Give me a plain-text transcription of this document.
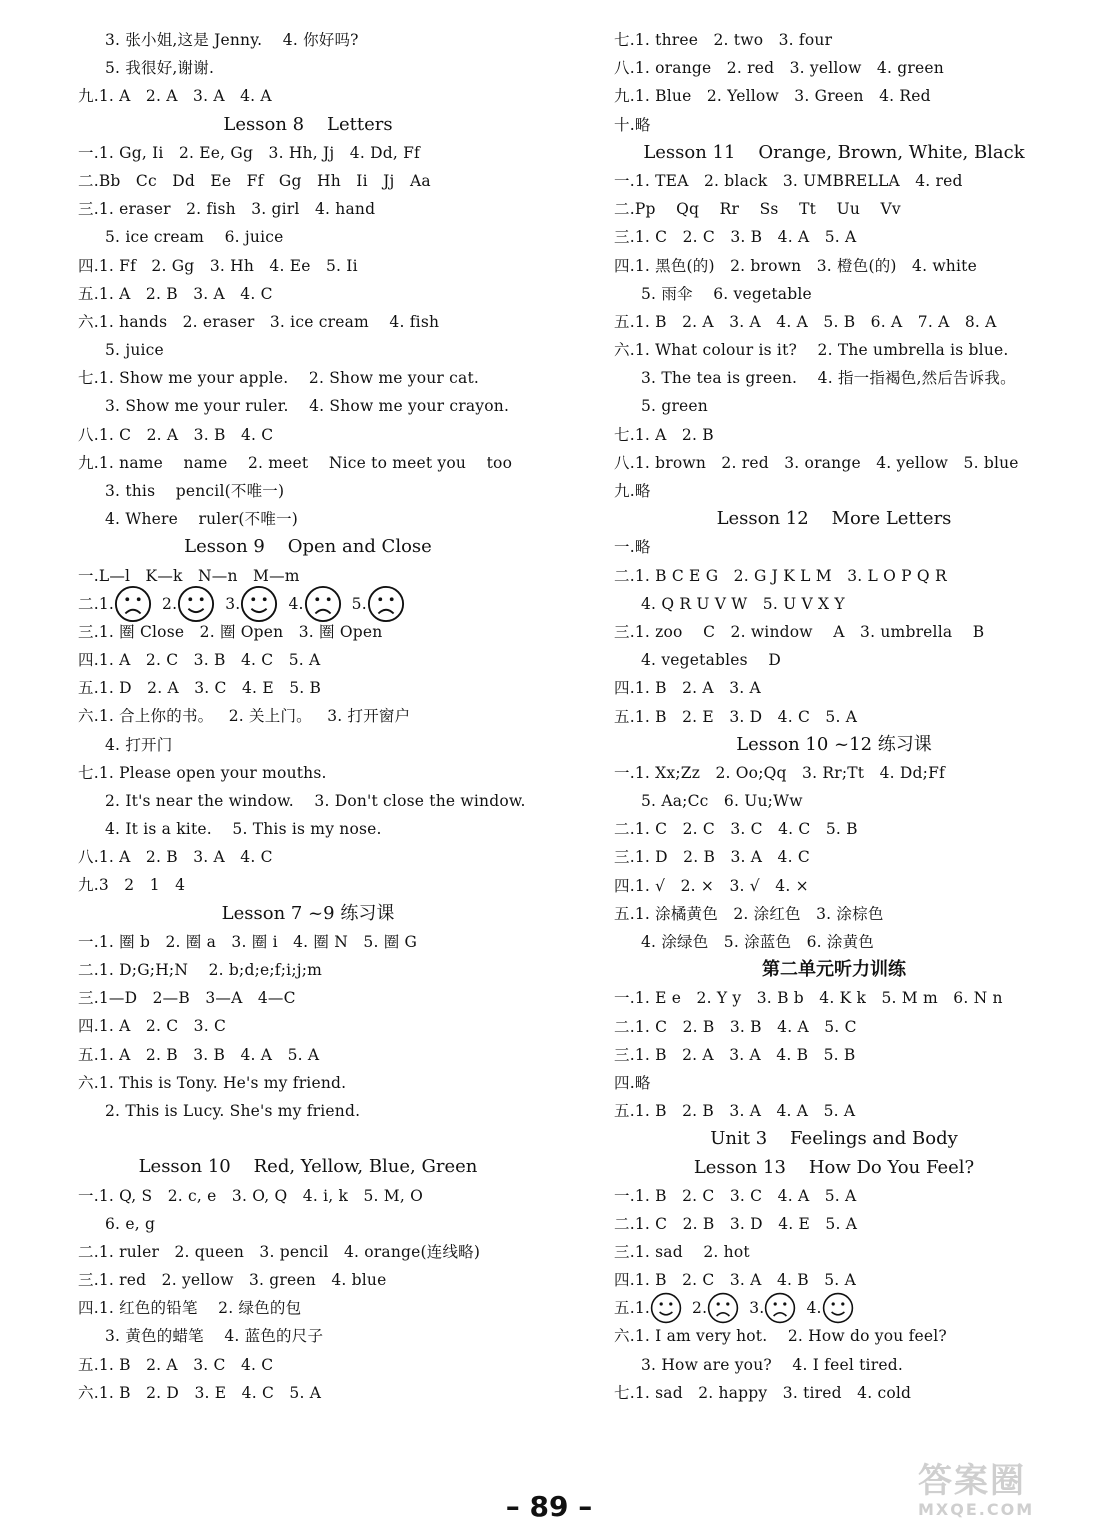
3. 张小姐,这是 Jenny.    4. 你好吗?
5. 我很好,谢谢.
九.1. A   2. A   3. A   4. A
Lesson 8    Letters
一.1. Gg, Ii   2. Ee, Gg   3. Hh, Jj   4. Dd, Ff
二.Bb   Cc   Dd   Ee   Ff   Gg   Hh   Ii   Jj   Aa
三.1. eraser   2. fish   3. girl   4. hand
5. ice cream    6. juice
四.1. Ff   2. Gg   3. Hh   4. Ee   5. Ii
五.1. A   2. B   3. A   4. C
六.1. hands   2. eraser   3. ice cream    4. fish
5. juice
七.1. Show me your apple.    2. Show me your cat.
3. Show me your ruler.    4. Show me your crayon.
八.1. C   2. A   3. B   4. C
九.1. name    name    2. meet    Nice to meet you    too
3. this    pencil(不唯一)
4. Where    ruler(不唯一)
Lesson 9    Open and Close
一.L—l   K—k   N—n   M—m
二. 1.	2.	3.	4.	5.
三.1. 圈 Close   2. 圈 Open   3. 圈 Open
四.1. A   2. C   3. B   4. C   5. A
五.1. D   2. A   3. C   4. E   5. B
六.1. 合上你的书。   2. 关上门。   3. 打开窗户
4. 打开门
七.1. Please open your mouths.
2. It's near the window.    3. Don't close the window.
4. It is a kite.    5. This is my nose.
八.1. A   2. B   3. A   4. C
九.3   2   1   4
Lesson 7 ~9 练习课
一.1. 圈 b   2. 圈 a   3. 圈 i   4. 圈 N   5. 圈 G
二.1. D;G;H;N    2. b;d;e;f;i;j;m
三.1—D   2—B   3—A   4—C
四.1. A   2. C   3. C
五.1. A   2. B   3. B   4. A   5. A
六.1. This is Tony. He's my friend.
2. This is Lucy. She's my friend.
Lesson 10    Red, Yellow, Blue, Green
一.1. Q, S   2. c, e   3. O, Q   4. i, k   5. M, O
6. e, g
二.1. ruler   2. queen   3. pencil   4. orange(连线略)
三.1. red   2. yellow   3. green   4. blue
四.1. 红色的铅笔    2. 绿色的包
3. 黄色的蜡笔    4. 蓝色的尺子
五.1. B   2. A   3. C   4. C
六.1. B   2. D   3. E   4. C   5. A
七.1. three   2. two   3. four
八.1. orange   2. red   3. yellow   4. green
九.1. Blue   2. Yellow   3. Green   4. Red
十.略
Lesson 11    Orange, Brown, White, Black
一.1. TEA   2. black   3. UMBRELLA   4. red
二.Pp    Qq    Rr    Ss    Tt    Uu    Vv
三.1. C   2. C   3. B   4. A   5. A
四.1. 黑色(的)   2. brown   3. 橙色(的)   4. white
5. 雨伞    6. vegetable
五.1. B   2. A   3. A   4. A   5. B   6. A   7. A   8. A
六.1. What colour is it?    2. The umbrella is blue.
3. The tea is green.    4. 指一指褐色,然后告诉我。
5. green
七.1. A   2. B
八.1. brown   2. red   3. orange   4. yellow   5. blue
九.略
Lesson 12    More Letters
一.略
二.1. B C E G   2. G J K L M   3. L O P Q R
4. Q R U V W   5. U V X Y
三.1. zoo    C   2. window    A   3. umbrella    B
4. vegetables    D
四.1. B   2. A   3. A
五.1. B   2. E   3. D   4. C   5. A
Lesson 10 ~12 练习课
一.1. Xx;Zz   2. Oo;Qq   3. Rr;Tt   4. Dd;Ff
5. Aa;Cc   6. Uu;Ww
二.1. C   2. C   3. C   4. C   5. B
三.1. D   2. B   3. A   4. C
四.1. √   2. ×   3. √   4. ×
五.1. 涂橘黄色   2. 涂红色   3. 涂棕色
4. 涂绿色   5. 涂蓝色   6. 涂黄色
第二单元听力训练
一.1. E e   2. Y y   3. B b   4. K k   5. M m   6. N n
二.1. C   2. B   3. B   4. A   5. C
三.1. B   2. A   3. A   4. B   5. B
四.略
五.1. B   2. B   3. A   4. A   5. A
Unit 3    Feelings and Body
Lesson 13    How Do You Feel?
一.1. B   2. C   3. C   4. A   5. A
二.1. C   2. B   3. D   4. E   5. A
三.1. sad    2. hot
四.1. B   2. C   3. A   4. B   5. A
五. 1.	2.	3.	4.
六.1. I am very hot.    2. How do you feel?
3. How are you?    4. I feel tired.
七.1. sad   2. happy   3. tired   4. cold
– 89 –
答案圈
MXQE.COM
